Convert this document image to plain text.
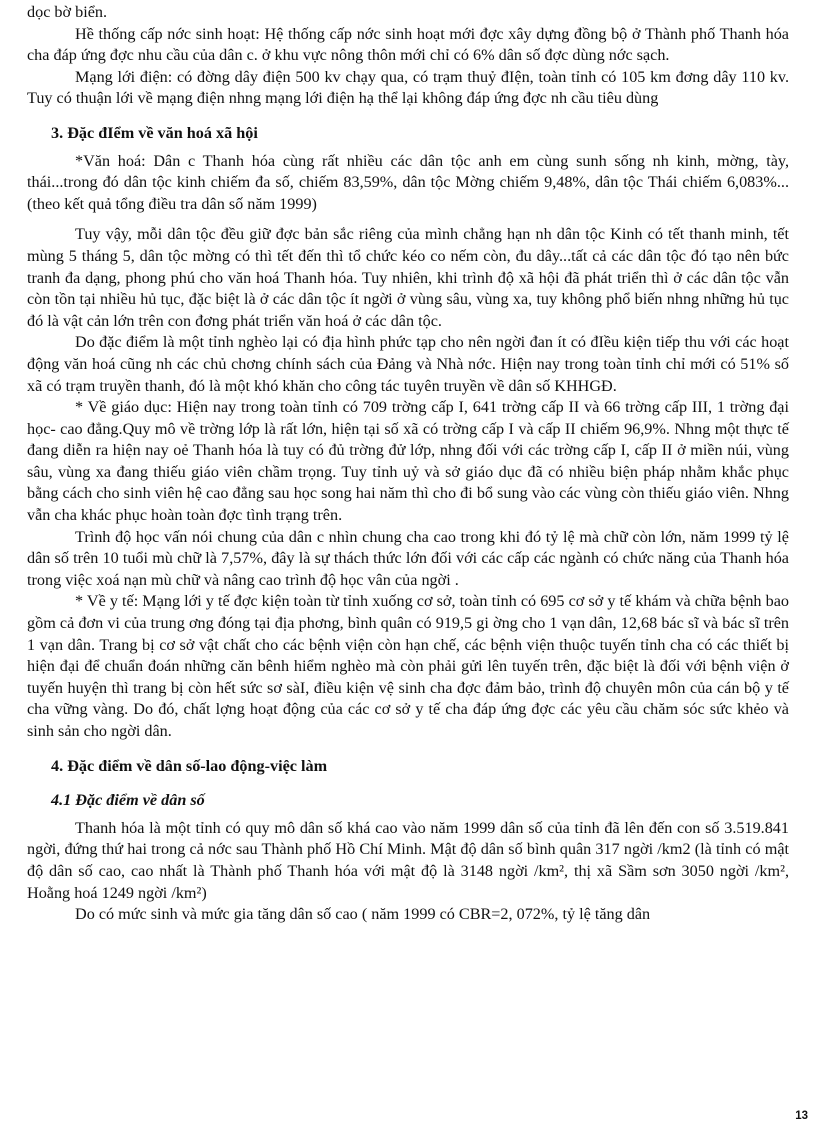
dọc bờ biển.

Hề thống cấp nớc sinh hoạt: Hệ thống cấp nớc sinh hoạt mới đợc xây dựng đồng bộ ở Thành phố Thanh hóa cha đáp ứng đợc nhu cầu của dân c. ở khu vực nông thôn mới chỉ có 6% dân số đợc dùng nớc sạch.

Mạng lới điện: có đờng dây điện 500 kv chạy qua, có trạm thuỷ đIện, toàn tỉnh có 105 km đơng dây 110 kv. Tuy có thuận lới về mạng điện nhng mạng lới điện hạ thể lại không đáp ứng đợc nh cầu tiêu dùng

3. Đặc đIểm về văn hoá xã hội

*Văn hoá: Dân c Thanh hóa cùng rất nhiều các dân tộc anh em cùng sunh sống nh kinh, mờng, tày, thái...trong đó dân tộc kinh chiếm đa số, chiếm 83,59%, dân tộc Mờng chiếm 9,48%, dân tộc Thái chiếm 6,083%...(theo kết quả tổng điều tra dân số năm 1999)

Tuy vậy, mỗi dân tộc đều giữ đợc bản sắc riêng của mình chẳng hạn nh dân tộc Kinh có tết thanh minh, tết mùng 5 tháng 5, dân tộc mờng có thì tết đến thì tổ chức kéo co nếm còn, đu dây...tất cả các dân tộc đó tạo nên bức tranh đa dạng, phong phú cho văn hoá Thanh hóa. Tuy nhiên, khi trình độ xã hội đã phát triển thì ở các dân tộc vẫn còn tồn tại nhiều hủ tục, đặc biệt là ở các dân tộc ít ngời ở vùng sâu, vùng xa, tuy không phổ biến nhng những hủ tục đó là vật cản lớn trên con đơng phát triển văn hoá ở các dân tộc.

Do đặc điểm là một tỉnh nghèo lại có địa hình phức tạp cho nên ngời đan ít có đIều kiện tiếp thu với các hoạt động văn hoá cũng nh các chủ chơng chính sách của Đảng và Nhà nớc. Hiện nay trong toàn tỉnh chỉ mới có 51% số xã có trạm truyền thanh, đó là một khó khăn cho công tác tuyên truyền về dân số KHHGĐ.

* Về giáo dục: Hiện nay trong toàn tỉnh có 709 trờng cấp I, 641 trờng cấp II và 66 trờng cấp III, 1 trờng đại học- cao đẳng.Quy mô về trờng lớp là rất lớn, hiện tại số xã có trờng cấp I và cấp II chiếm 96,9%. Nhng một thực tế đang diễn ra hiện nay oẻ Thanh hóa là tuy có đủ trờng đử lớp, nhng đối với các trờng cấp I, cấp II ở miền núi, vùng sâu, vùng xa đang thiếu giáo viên chầm trọng. Tuy tỉnh uỷ và sở giáo dục đã có nhiều biện pháp nhằm khắc phục bằng cách cho sinh viên hệ cao đẳng sau học song hai năm thì cho đi bổ sung vào các vùng còn thiếu giáo viên. Nhng vẫn cha khác phục hoàn toàn đợc tình trạng trên.

Trình độ học vấn nói chung của dân c nhìn chung cha cao trong khi đó tỷ lệ mà chữ còn lớn, năm 1999 tỷ lệ dân số trên 10 tuổi mù chữ là 7,57%, đây là sự thách thức lớn đối với các cấp các ngành có chức năng của Thanh hóa trong việc xoá nạn mù chữ và nâng cao trình độ học vân của ngời .

* Về y tế: Mạng lới y tế đợc kiện toàn từ tỉnh xuống cơ sở, toàn tỉnh có 695 cơ sở y tế khám và chữa bệnh bao gồm cả đơn vi của trung ơng đóng tại địa phơng, bình quân có 919,5 gi ờng cho 1 vạn dân, 12,68 bác sĩ và bác sĩ trên 1 vạn dân. Trang bị cơ sở vật chất cho các bệnh viện còn hạn chế, các bệnh viện thuộc tuyến tỉnh cha có các thiết bị hiện đại để chuẩn đoán những căn bênh hiểm nghèo mà còn phải gửi lên tuyến trên, đặc biệt là đối với bệnh viện ở tuyến huyện thì trang bị còn hết sức sơ sàI, điều kiện vệ sinh cha đợc đảm bảo, trình độ chuyên môn của cán bộ y tế cha vững vàng. Do đó, chất lợng hoạt động của các cơ sở y tế cha đáp ứng đợc các yêu cầu chăm sóc sức khẻo và sinh sản cho ngời dân.

4. Đặc điểm về dân số-lao động-việc làm

4.1 Đặc điểm về dân số

Thanh hóa là một tỉnh có quy mô dân số khá cao vào năm 1999 dân số của tỉnh đã lên đến con số 3.519.841 ngời, đứng thứ hai trong cả nớc sau Thành phố Hồ Chí Minh. Mật độ dân số bình quân 317 ngời /km2 (là tỉnh có mật độ dân số cao, cao nhất là Thành phố Thanh hóa với mật độ là 3148 ngời /km², thị xã Sầm sơn 3050 ngời /km², Hoằng hoá 1249 ngời /km²)

Do có mức sinh và mức gia tăng dân số cao ( năm 1999 có CBR=2, 072%, tỷ lệ tăng dân

13
